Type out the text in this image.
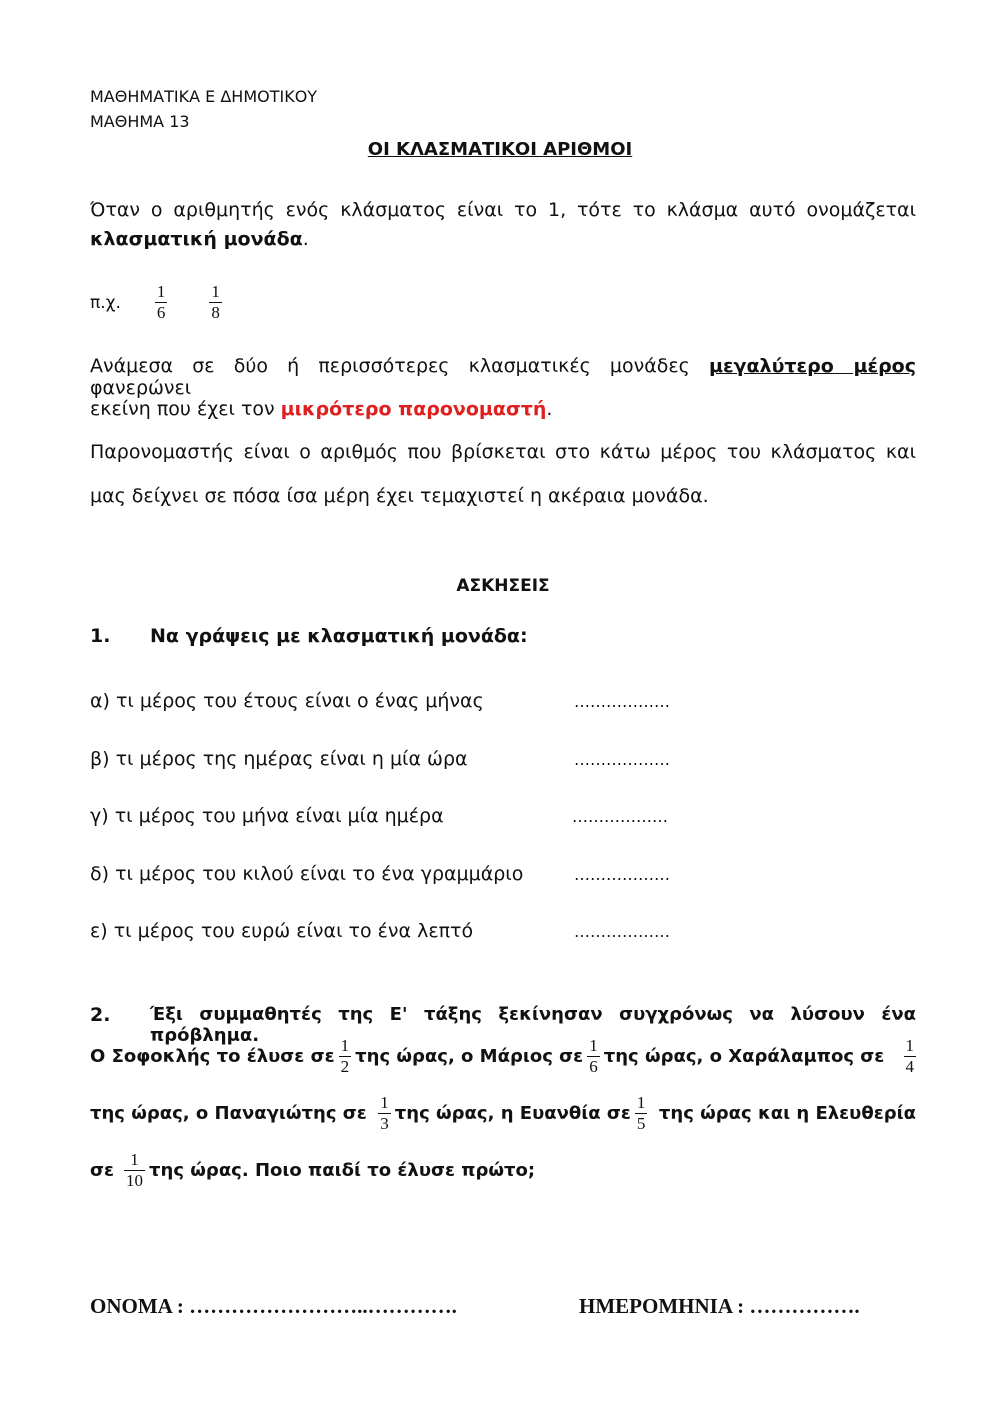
ΜΑΘΗΜΑΤΙΚΑ Ε ΔΗΜΟΤΙΚΟΥ
ΜΑΘΗΜΑ 13
ΟΙ ΚΛΑΣΜΑΤΙΚΟΙ ΑΡΙΘΜΟΙ
Όταν ο αριθμητής ενός κλάσματος είναι το 1, τότε το κλάσμα αυτό ονομάζεται
κλασματική μονάδα.
π.χ. $\frac{1}{6} \frac{1}{8}$
Ανάμεσα σε δύο ή περισσότερες κλασματικές μονάδες μεγαλύτερο μέρος φανερώνει
εκείνη που έχει τον μικρότερο παρονομαστή.
Παρονομαστής είναι ο αριθμός που βρίσκεται στο κάτω μέρος του κλάσματος και
μας δείχνει σε πόσα ίσα μέρη έχει τεμαχιστεί η ακέραια μονάδα.
ΑΣΚΗΣΕΙΣ
1. Να γράψεις με κλασματική μονάδα:
α) τι μέρος του έτους είναι ο ένας μήνας	………………
β) τι μέρος της ημέρας είναι η μία ώρα	………………
γ) τι μέρος του μήνα είναι μία ημέρα	………………
δ) τι μέρος του κιλού είναι το ένα γραμμάριο	………………
ε) τι μέρος του ευρώ είναι το ένα λεπτό	………………
2. Έξι συμμαθητές της Ε' τάξης ξεκίνησαν συγχρόνως να λύσουν ένα πρόβλημα.
Ο Σοφοκλής το έλυσε σε $\frac{1}{2}$ της ώρας, ο Μάριος σε $\frac{1}{6}$ της ώρας, ο Χαράλαμπος σε $\frac{1}{4}$
της ώρας, ο Παναγιώτης σε $\frac{1}{3}$ της ώρας, η Ευανθία σε $\frac{1}{5}$ της ώρας και η Ελευθερία
σε $\frac{1}{10}$ της ώρας. Ποιο παιδί το έλυσε πρώτο;
ΟΝΟΜΑ : ……………………..………….	ΗΜΕΡΟΜΗΝΙΑ : …………….
